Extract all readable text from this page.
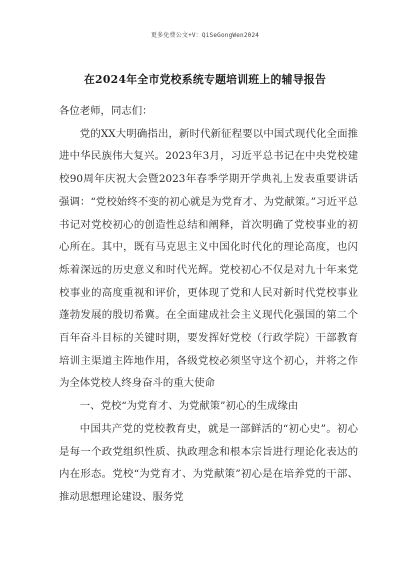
更多免费公文+V：QiSeGongWen2024
在2024年全市党校系统专题培训班上的辅导报告

各位老师，同志们：

党的XX大明确指出，新时代新征程要以中国式现代化全面推进中华民族伟大复兴。2023年3月，习近平总书记在中央党校建校90周年庆祝大会暨2023年春季学期开学典礼上发表重要讲话强调：“党校始终不变的初心就是为党育才、为党献策。”习近平总书记对党校初心的创造性总结和阐释，首次明确了党校事业的初心所在。其中，既有马克思主义中国化时代化的理论高度，也闪烁着深远的历史意义和时代光辉。党校初心不仅是对九十年来党校事业的高度重视和评价，更体现了党和人民对新时代党校事业蓬勃发展的殷切希冀。在全面建成社会主义现代化强国的第二个百年奋斗目标的关键时期，要发挥好党校（行政学院）干部教育培训主渠道主阵地作用，各级党校必须坚守这个初心，并将之作为全体党校人终身奋斗的重大使命

一、党校“为党育才、为党献策”初心的生成缘由

中国共产党的党校教育史，就是一部鲜活的“初心史”。初心是每一个政党组织性质、执政理念和根本宗旨进行理论化表达的内在形态。党校“为党育才、为党献策”初心是在培养党的干部、推动思想理论建设、服务党
